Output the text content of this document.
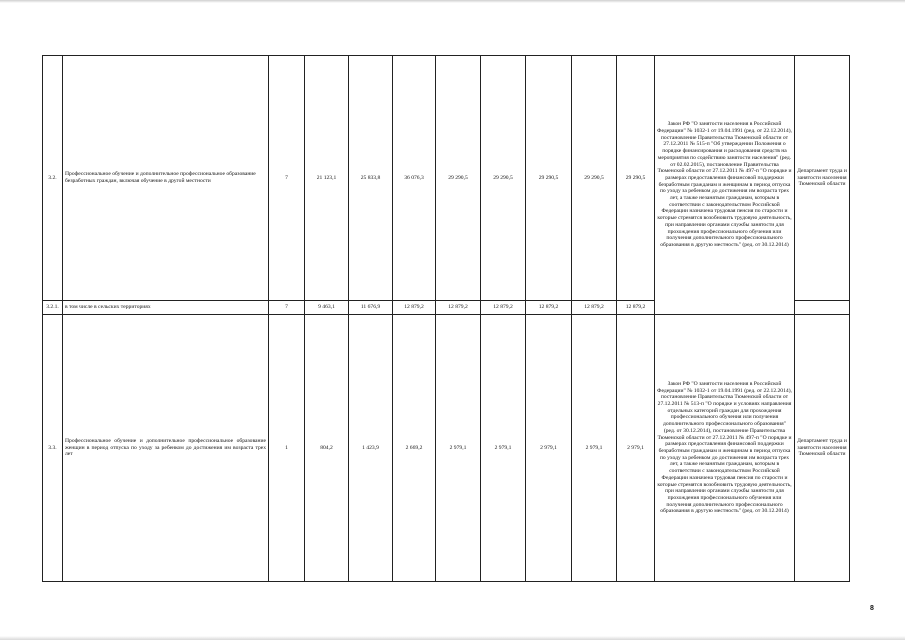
3.2.	Профессиональное обучение и дополнительное профессиональное образование безработных граждан, включая обучение в другой местности	7	21 123,1	25 833,8	36 076,3	29 290,5	29 290,5	29 290,5	29 290,5	29 290,5	Закон РФ "О занятости населения в Российской Федерации" № 1032-1 от 19.04.1991 (ред. от 22.12.2014), постановление Правительства Тюменской области от 27.12.2011 № 515-п "Об утверждении Положения о порядке финансирования и расходования средств на мероприятия по содействию занятости населения" (ред. от 02.02.2015), постановление Правительства Тюменской области от 27.12.2011 № 497-п "О порядке и размерах предоставления финансовой поддержки безработным гражданам и женщинам в период отпуска по уходу за ребенком до достижения им возраста трех лет, а также незанятым гражданам, которым в соответствии с законодательством Российской Федерации назначена трудовая пенсия по старости и которые стремятся возобновить трудовую деятельность, при направлении органами службы занятости для прохождения профессионального обучения или получения дополнительного профессионального образования в другую местность" (ред. от 30.12.2014)	Департамент труда и занятости населения Тюменской области
3.2.1.	в том числе в сельских территориях	7	9 463,1	11 676,9	12 879,2	12 879,2	12 879,2	12 879,2	12 879,2	12 879,2		
3.3.	Профессиональное обучение и дополнительное профессиональное образование женщин в период отпуска по уходу за ребенком до достижения им возраста трех лет	1	804,2	1 423,9	2 669,2	2 979,1	2 979,1	2 979,1	2 979,1	2 979,1	Закон РФ "О занятости населения в Российской Федерации" № 1032-1 от 19.04.1991 (ред. от 22.12.2014), постановление Правительства Тюменской области от 27.12.2011 № 513-п "О порядке и условиях направления отдельных категорий граждан для прохождения профессионального обучения или получения дополнительного профессионального образования" (ред. от 30.12.2014), постановление Правительства Тюменской области от 27.12.2011 № 497-п "О порядке и размерах предоставления финансовой поддержки безработным гражданам и женщинам в период отпуска по уходу за ребенком до достижения им возраста трех лет, а также незанятым гражданам, которым в соответствии с законодательством Российской Федерации назначена трудовая пенсия по старости и которые стремятся возобновить трудовую деятельность, при направлении органами службы занятости для прохождения профессионального обучения или получения дополнительного профессионального образования в другую местность" (ред. от 30.12.2014)	Департамент труда и занятости населения Тюменской области
8
